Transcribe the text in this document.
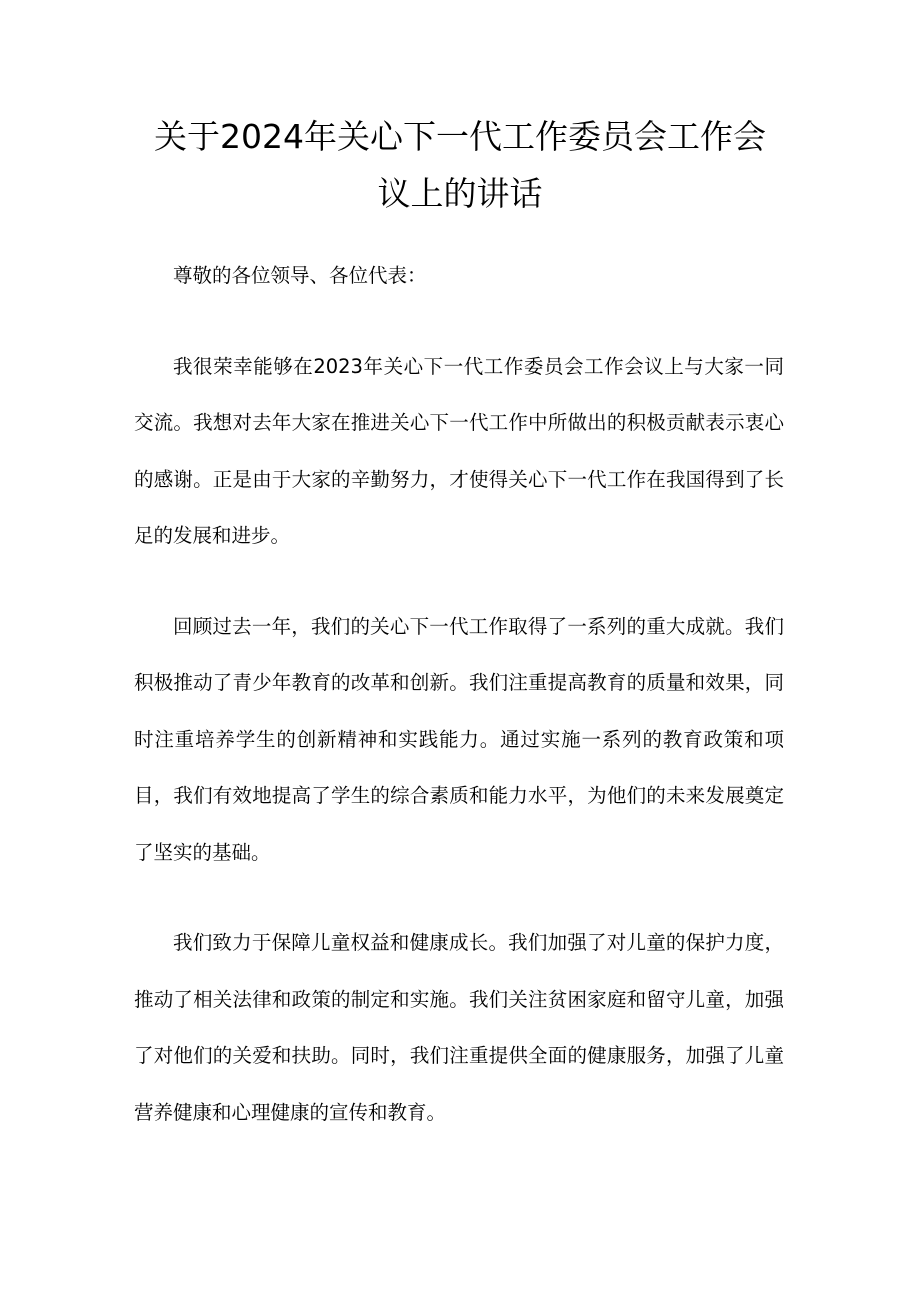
关于2024年关心下一代工作委员会工作会
议上的讲话

尊敬的各位领导、各位代表：

我很荣幸能够在2023年关心下一代工作委员会工作会议上与大家一同交流。我想对去年大家在推进关心下一代工作中所做出的积极贡献表示衷心的感谢。正是由于大家的辛勤努力，才使得关心下一代工作在我国得到了长足的发展和进步。

回顾过去一年，我们的关心下一代工作取得了一系列的重大成就。我们积极推动了青少年教育的改革和创新。我们注重提高教育的质量和效果，同时注重培养学生的创新精神和实践能力。通过实施一系列的教育政策和项目，我们有效地提高了学生的综合素质和能力水平，为他们的未来发展奠定了坚实的基础。

我们致力于保障儿童权益和健康成长。我们加强了对儿童的保护力度，推动了相关法律和政策的制定和实施。我们关注贫困家庭和留守儿童，加强了对他们的关爱和扶助。同时，我们注重提供全面的健康服务，加强了儿童营养健康和心理健康的宣传和教育。
